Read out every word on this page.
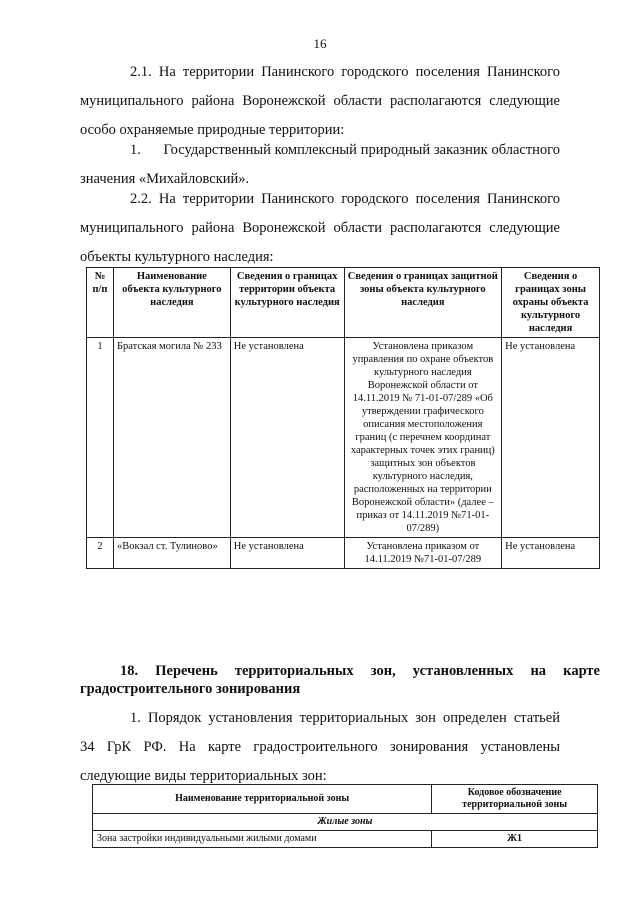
16
2.1. На территории Панинского городского поселения Панинского
муниципального района Воронежской области располагаются следующие
особо охраняемые природные территории:
1.      Государственный комплексный природный заказник областного
значения «Михайловский».
2.2. На территории Панинского городского поселения Панинского
муниципального района Воронежской области располагаются следующие
объекты культурного наследия:
№ п/п	Наименование объекта культурного наследия	Сведения о границах территории объекта культурного наследия	Сведения о границах защитной зоны объекта культурного наследия	Сведения о границах зоны охраны объекта культурного наследия
1	Братская могила № 233	Не установлена	Установлена приказом управления по охране объектов культурного наследия Воронежской области от 14.11.2019 № 71-01-07/289 «Об утверждении графического описания местоположения границ (с перечнем координат характерных точек этих границ) защитных зон объектов культурного наследия, расположенных на территории Воронежской области» (далее – приказ от 14.11.2019 №71-01-07/289)	Не установлена
2	«Вокзал ст. Тулиново»	Не установлена	Установлена приказом от 14.11.2019 №71-01-07/289	Не установлена
18. Перечень территориальных зон, установленных на карте
градостроительного зонирования
1. Порядок установления территориальных зон определен статьей
34 ГрК РФ. На карте градостроительного зонирования установлены
следующие виды территориальных зон:
Наименование территориальной зоны	Кодовое обозначение территориальной зоны
Жилые зоны	
Зона застройки индивидуальными жилыми домами	Ж1
